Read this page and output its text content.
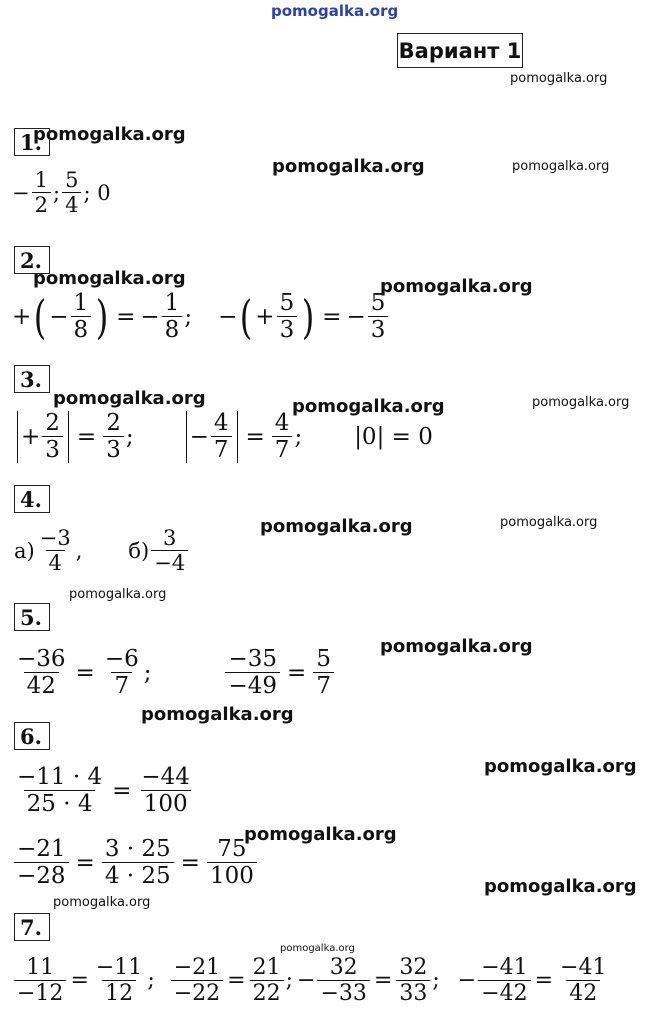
pomogalka.org
Вариант 1
pomogalka.org
pomogalka.org
pomogalka.org	pomogalka.org
pomogalka.org	pomogalka.org
pomogalka.org	pomogalka.org	pomogalka.org
pomogalka.org	pomogalka.org
pomogalka.org
pomogalka.org
pomogalka.org
pomogalka.org
pomogalka.org
pomogalka.org
pomogalka.org
pomogalka.org
1.
− $\frac{1}{2}$ ; $\frac{5}{4}$ ; 0
2.
+ ( − $\frac{1}{8}$ ) = − $\frac{1}{8}$ ; − ( + $\frac{5}{3}$ ) = − $\frac{5}{3}$
3.
+ $\frac{2}{3} = \frac{2}{3}$ ; − $\frac{4}{7} = \frac{4}{7}$ ; |0| = 0
4.
$а) \frac{-3}{4}$ , $б) \frac{3}{-4}$
5.
$\frac{-36}{42} = \frac{-6}{7}$ ;	$\frac{-35}{-49} = \frac{5}{7}$
6.
$\frac{-11 \cdot 4}{25 \cdot 4} = \frac{-44}{100}$
$\frac{-21}{-28} = \frac{3 \cdot 25}{4 \cdot 25} = \frac{75}{100}$
7.
$\frac{11}{-12} = \frac{-11}{12}$ ; $\frac{-21}{-22} = \frac{21}{22}$ ; − $\frac{32}{-33} = \frac{32}{33}$ ; − $\frac{-41}{-42} = \frac{-41}{42}$
